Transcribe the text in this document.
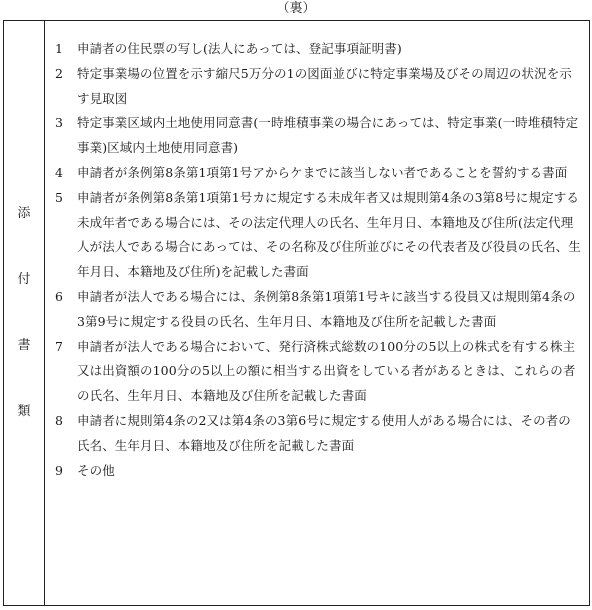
（裏）
添
付
書
類
1	申請者の住民票の写し(法人にあっては、登記事項証明書)
2	特定事業場の位置を示す縮尺5万分の1の図面並びに特定事業場及びその周辺の状況を示す見取図
3	特定事業区域内土地使用同意書(一時堆積事業の場合にあっては、特定事業(一時堆積特定事業)区域内土地使用同意書)
4	申請者が条例第8条第1項第1号アからケまでに該当しない者であることを誓約する書面
5	申請者が条例第8条第1項第1号カに規定する未成年者又は規則第4条の3第8号に規定する未成年者である場合には、その法定代理人の氏名、生年月日、本籍地及び住所(法定代理人が法人である場合にあっては、その名称及び住所並びにその代表者及び役員の氏名、生年月日、本籍地及び住所)を記載した書面
6	申請者が法人である場合には、条例第8条第1項第1号キに該当する役員又は規則第4条の3第9号に規定する役員の氏名、生年月日、本籍地及び住所を記載した書面
7	申請者が法人である場合において、発行済株式総数の100分の5以上の株式を有する株主又は出資額の100分の5以上の額に相当する出資をしている者があるときは、これらの者の氏名、生年月日、本籍地及び住所を記載した書面
8	申請者に規則第4条の2又は第4条の3第6号に規定する使用人がある場合には、その者の氏名、生年月日、本籍地及び住所を記載した書面
9	その他
